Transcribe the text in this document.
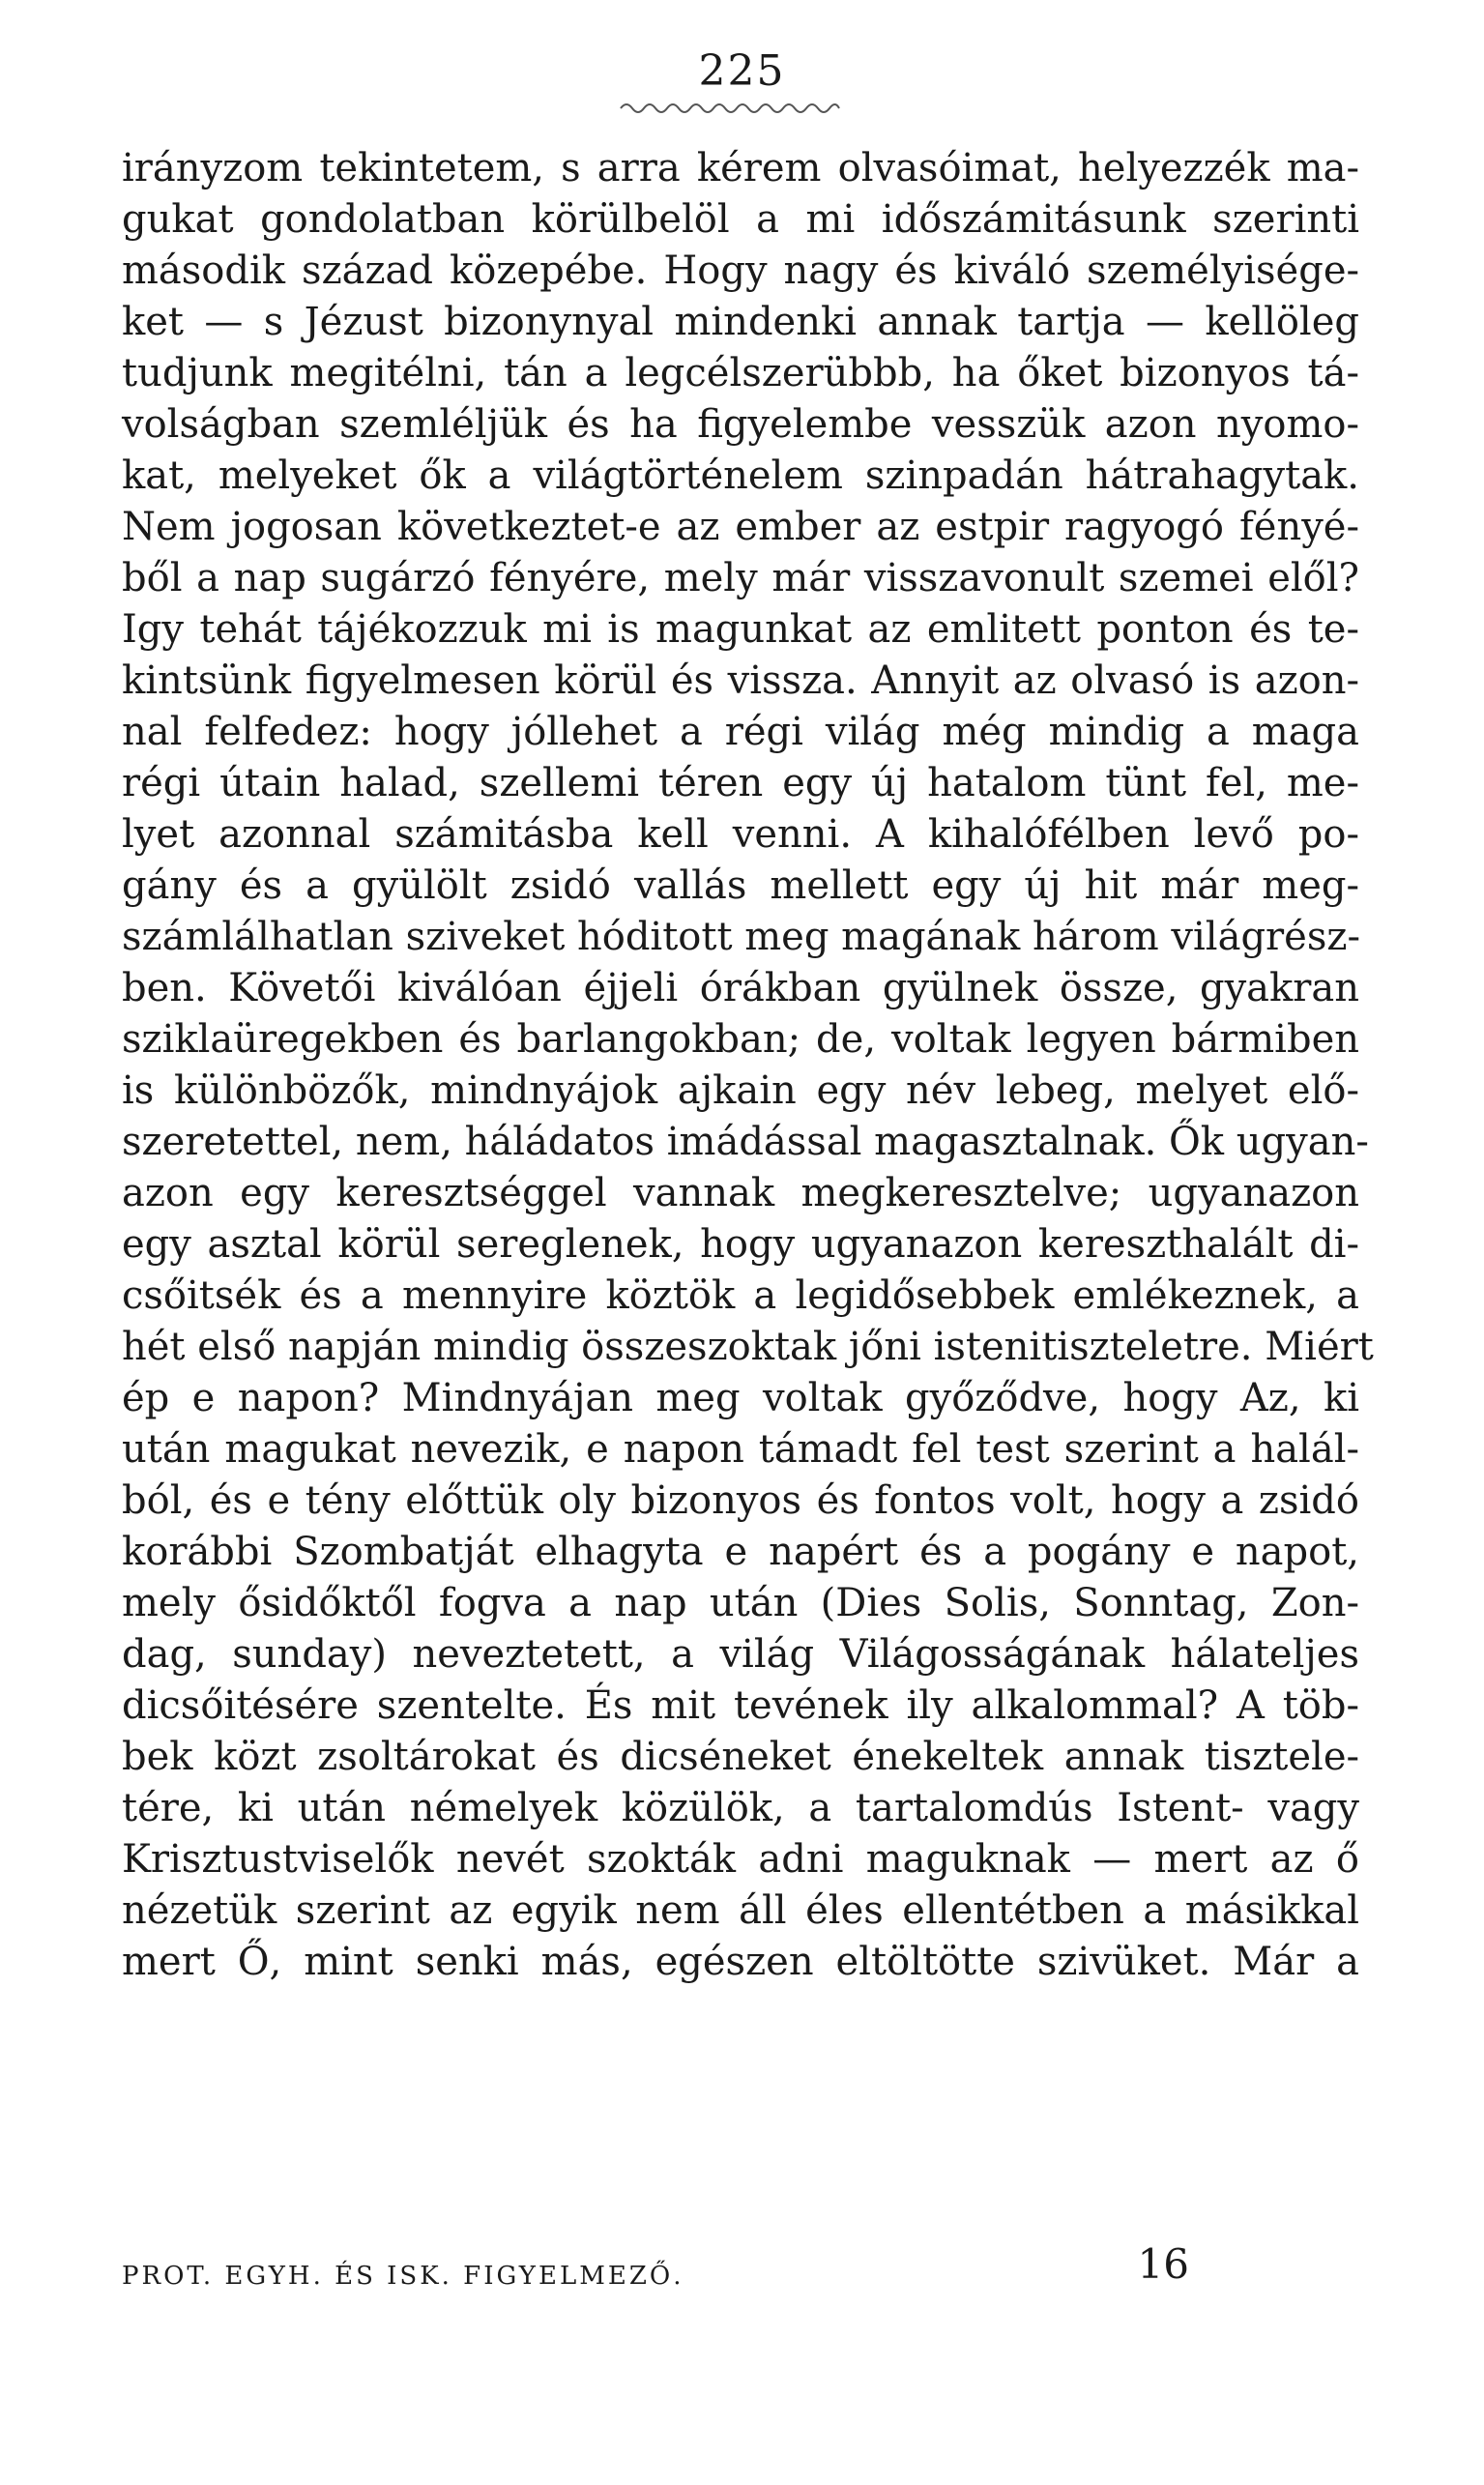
225
irányzom tekintetem, s arra kérem olvasóimat, helyezzék ma-
gukat gondolatban körülbelöl a mi időszámitásunk szerinti
második század közepébe. Hogy nagy és kiváló személyisége-
ket — s Jézust bizonynyal mindenki annak tartja — kellöleg
tudjunk megitélni, tán a legcélszerübbb, ha őket bizonyos tá-
volságban szemléljük és ha figyelembe vesszük azon nyomo-
kat, melyeket ők a világtörténelem szinpadán hátrahagytak.
Nem jogosan következtet-e az ember az estpir ragyogó fényé-
ből a nap sugárzó fényére, mely már visszavonult szemei elől?
Igy tehát tájékozzuk mi is magunkat az emlitett ponton és te-
kintsünk figyelmesen körül és vissza. Annyit az olvasó is azon-
nal felfedez: hogy jóllehet a régi világ még mindig a maga
régi útain halad, szellemi téren egy új hatalom tünt fel, me-
lyet azonnal számitásba kell venni. A kihalófélben levő po-
gány és a gyülölt zsidó vallás mellett egy új hit már meg-
számlálhatlan sziveket hóditott meg magának három világrész-
ben. Követői kiválóan éjjeli órákban gyülnek össze, gyakran
sziklaüregekben és barlangokban; de, voltak legyen bármiben
is különbözők, mindnyájok ajkain egy név lebeg, melyet elő-
szeretettel, nem, háládatos imádással magasztalnak. Ők ugyan-
azon egy keresztséggel vannak megkeresztelve; ugyanazon
egy asztal körül sereglenek, hogy ugyanazon kereszthalált di-
csőitsék és a mennyire köztök a legidősebbek emlékeznek, a
hét első napján mindig összeszoktak jőni istenitiszteletre. Miért
ép e napon? Mindnyájan meg voltak győződve, hogy Az, ki
után magukat nevezik, e napon támadt fel test szerint a halál-
ból, és e tény előttük oly bizonyos és fontos volt, hogy a zsidó
korábbi Szombatját elhagyta e napért és a pogány e napot,
mely ősidőktől fogva a nap után (Dies Solis, Sonntag, Zon-
dag, sunday) neveztetett, a világ Világosságának hálateljes
dicsőitésére szentelte. És mit tevének ily alkalommal? A töb-
bek közt zsoltárokat és dicséneket énekeltek annak tisztele-
tére, ki után némelyek közülök, a tartalomdús Istent- vagy
Krisztustviselők nevét szokták adni maguknak — mert az ő
nézetük szerint az egyik nem áll éles ellentétben a másikkal
mert Ő, mint senki más, egészen eltöltötte szivüket. Már a
PROT. EGYH. ÉS ISK. FIGYELMEZŐ.	16
